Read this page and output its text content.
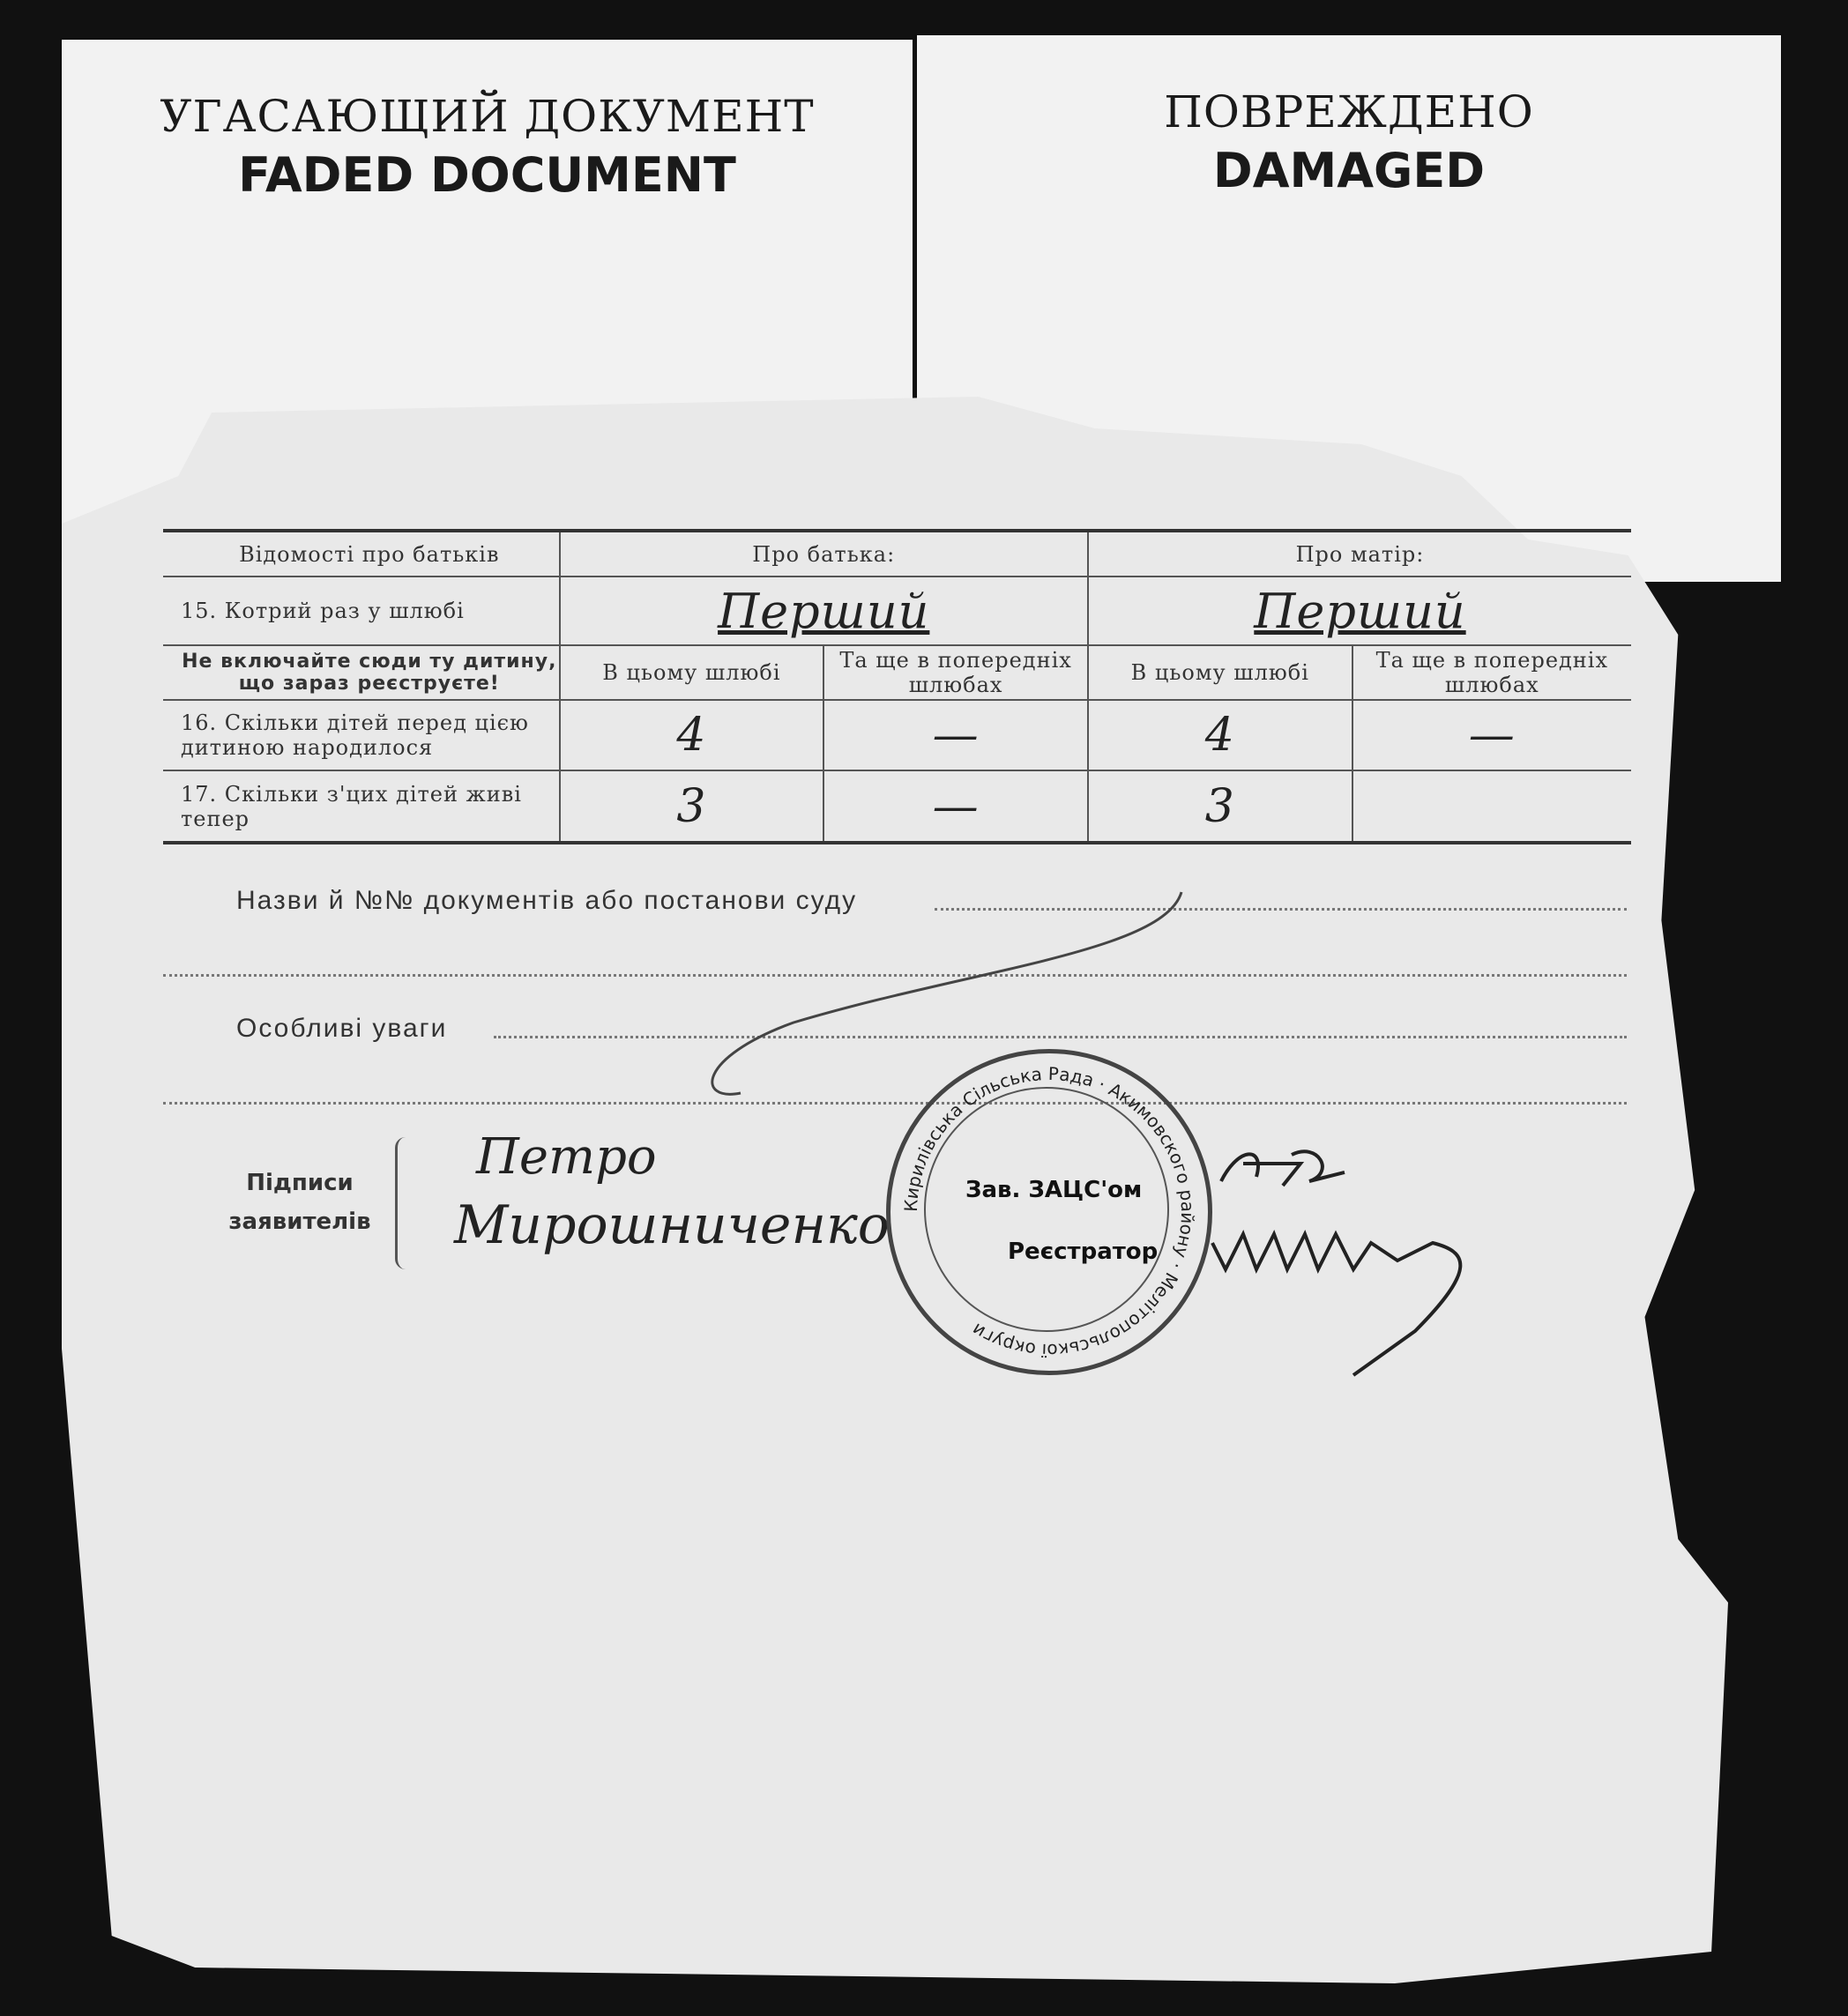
УГАСАЮЩИЙ ДОКУМЕНТ
FADED DOCUMENT
ПОВРЕЖДЕНО
DAMAGED
Відомості про батьків	Про батька:		Про матір:	
15. Котрий раз у шлюбі	Перший		Перший	
Не включайте сюди ту дитину, що зараз реєструєте!	В цьому шлюбі	Та ще в попередніх шлюбах	В цьому шлюбі	Та ще в попередніх шлюбах
16. Скільки дітей перед цією дитиною народилося	4	—	4	—
17. Скільки з'цих дітей живі тепер	3	—	3	
Назви й №№ документів або постанови суду
Особливі уваги
Підписи
заявителів
Петро
Мирошниченко Кирилівська Сільська Рада · Акимовского району · Мелітопольської округи
Зав. ЗАЦС'ом
Реєстратор
